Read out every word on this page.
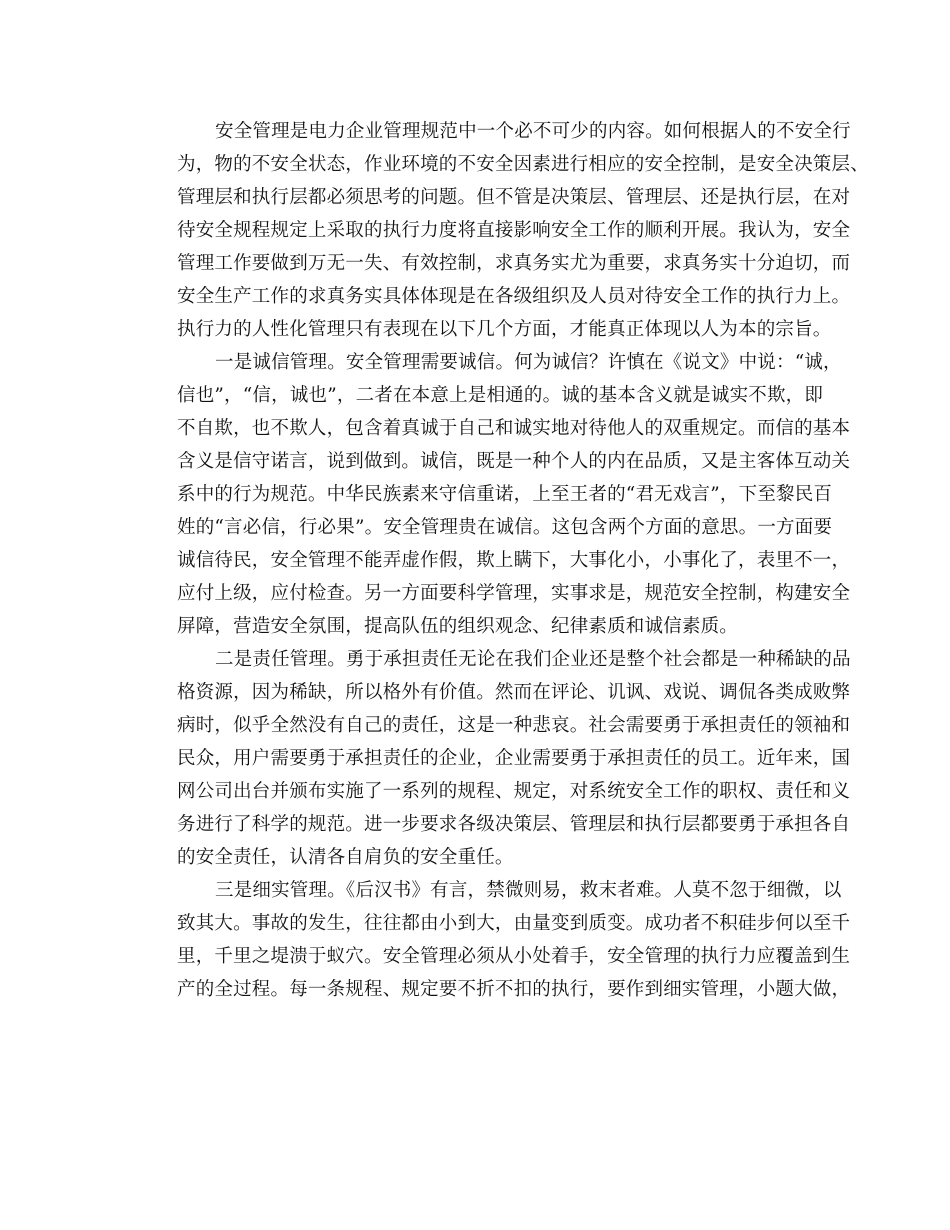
安全管理是电力企业管理规范中一个必不可少的内容。如何根据人的不安全行
为，物的不安全状态，作业环境的不安全因素进行相应的安全控制，是安全决策层、
管理层和执行层都必须思考的问题。但不管是决策层、管理层、还是执行层，在对
待安全规程规定上采取的执行力度将直接影响安全工作的顺利开展。我认为，安全
管理工作要做到万无一失、有效控制，求真务实尤为重要，求真务实十分迫切，而
安全生产工作的求真务实具体体现是在各级组织及人员对待安全工作的执行力上。
执行力的人性化管理只有表现在以下几个方面，才能真正体现以人为本的宗旨。
一是诚信管理。安全管理需要诚信。何为诚信？许慎在《说文》中说：“诚，
信也”，“信，诚也”，二者在本意上是相通的。诚的基本含义就是诚实不欺，即
不自欺，也不欺人，包含着真诚于自己和诚实地对待他人的双重规定。而信的基本
含义是信守诺言，说到做到。诚信，既是一种个人的内在品质，又是主客体互动关
系中的行为规范。中华民族素来守信重诺，上至王者的“君无戏言”，下至黎民百
姓的“言必信，行必果”。安全管理贵在诚信。这包含两个方面的意思。一方面要
诚信待民，安全管理不能弄虚作假，欺上瞒下，大事化小，小事化了，表里不一，
应付上级，应付检查。另一方面要科学管理，实事求是，规范安全控制，构建安全
屏障，营造安全氛围，提高队伍的组织观念、纪律素质和诚信素质。
二是责任管理。勇于承担责任无论在我们企业还是整个社会都是一种稀缺的品
格资源，因为稀缺，所以格外有价值。然而在评论、讥讽、戏说、调侃各类成败弊
病时，似乎全然没有自己的责任，这是一种悲哀。社会需要勇于承担责任的领袖和
民众，用户需要勇于承担责任的企业，企业需要勇于承担责任的员工。近年来，国
网公司出台并颁布实施了一系列的规程、规定，对系统安全工作的职权、责任和义
务进行了科学的规范。进一步要求各级决策层、管理层和执行层都要勇于承担各自
的安全责任，认清各自肩负的安全重任。
三是细实管理。《后汉书》有言，禁微则易，救末者难。人莫不忽于细微，以
致其大。事故的发生，往往都由小到大，由量变到质变。成功者不积硅步何以至千
里，千里之堤溃于蚁穴。安全管理必须从小处着手，安全管理的执行力应覆盖到生
产的全过程。每一条规程、规定要不折不扣的执行，要作到细实管理，小题大做，
